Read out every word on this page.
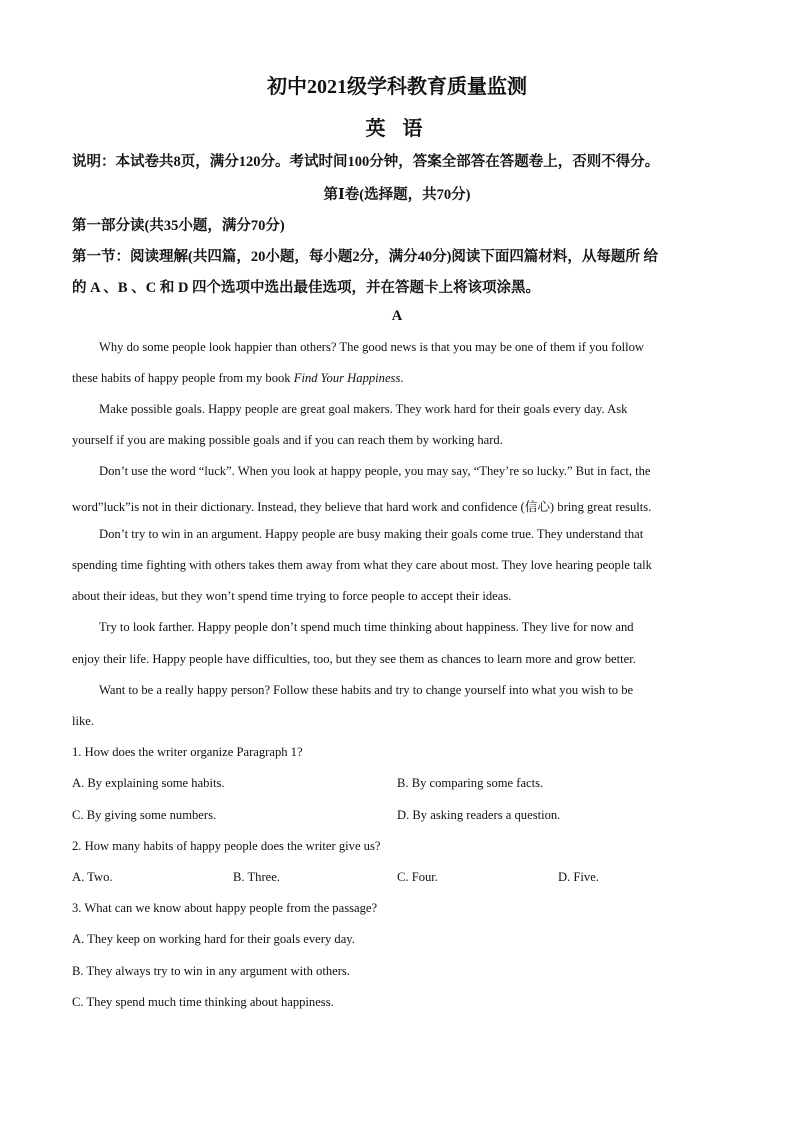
初中2021级学科教育质量监测
英 语
说明：本试卷共8页，满分120分。考试时间100分钟，答案全部答在答题卷上，否则不得分。
第Ⅰ卷(选择题，共70分)
第一部分读(共35小题，满分70分)
第一节：阅读理解(共四篇，20小题，每小题2分，满分40分)阅读下面四篇材料，从每题所 给
的 A 、B 、C 和 D 四个选项中选出最佳选项，并在答题卡上将该项涂黑。
A
Why do some people look happier than others? The good news is that you may be one of them if you follow
these habits of happy people from my book Find Your Happiness.
Make possible goals. Happy people are great goal makers. They work hard for their goals every day. Ask
yourself if you are making possible goals and if you can reach them by working hard.
Don’t use the word “luck”. When you look at happy people, you may say, “They’re so lucky.” But in fact, the
word”luck”is not in their dictionary. Instead, they believe that hard work and confidence (信心) bring great results.
Don’t try to win in an argument. Happy people are busy making their goals come true. They understand that
spending time fighting with others takes them away from what they care about most. They love hearing people talk
about their ideas, but they won’t spend time trying to force people to accept their ideas.
Try to look farther. Happy people don’t spend much time thinking about happiness. They live for now and
enjoy their life. Happy people have difficulties, too, but they see them as chances to learn more and grow better.
Want to be a really happy person? Follow these habits and try to change yourself into what you wish to be
like.
1. How does the writer organize Paragraph 1?
A. By explaining some habits.	B. By comparing some facts.
C. By giving some numbers.	D. By asking readers a question.
2. How many habits of happy people does the writer give us?
A. Two.	B. Three.	C. Four.	D. Five.
3. What can we know about happy people from the passage?
A. They keep on working hard for their goals every day.
B. They always try to win in any argument with others.
C. They spend much time thinking about happiness.
